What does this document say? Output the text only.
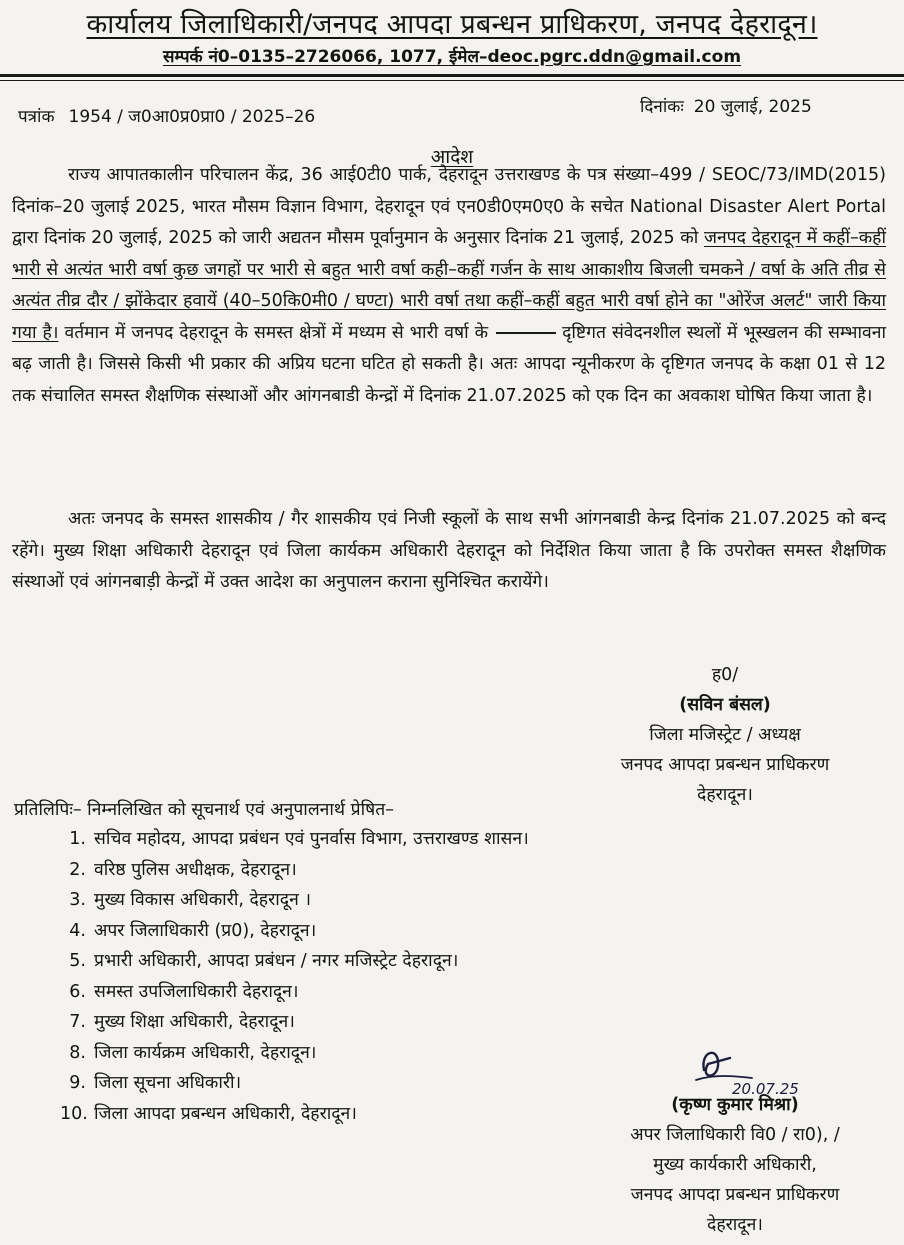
कार्यालय जिलाधिकारी/जनपद आपदा प्रबन्धन प्राधिकरण, जनपद देहरादून।
सम्पर्क नं0–0135–2726066, 1077, ईमेल–deoc.pgrc.ddn@gmail.com
पत्रांक 1954 / ज0आ0प्र0प्रा0 / 2025–26	दिनांकः 20 जुलाई, 2025
आदेश
राज्य आपातकालीन परिचालन केंद्र, 36 आई0टी0 पार्क, देहरादून उत्तराखण्ड के पत्र संख्या–499 / SEOC/73/IMD(2015) दिनांक–20 जुलाई 2025, भारत मौसम विज्ञान विभाग, देहरादून एवं एन0डी0एम0ए0 के सचेत National Disaster Alert Portal द्वारा दिनांक 20 जुलाई, 2025 को जारी अद्यतन मौसम पूर्वानुमान के अनुसार दिनांक 21 जुलाई, 2025 को जनपद देहरादून में कहीं–कहीं भारी से अत्यंत भारी वर्षा कुछ जगहों पर भारी से बहुत भारी वर्षा कही–कहीं गर्जन के साथ आकाशीय बिजली चमकने / वर्षा के अति तीव्र से अत्यंत तीव्र दौर / झोंकेदार हवायें (40–50कि0मी0 / घण्टा) भारी वर्षा तथा कहीं–कहीं बहुत भारी वर्षा होने का "ओरेंज अलर्ट" जारी किया गया है। वर्तमान में जनपद देहरादून के समस्त क्षेत्रों में मध्यम से भारी वर्षा के	दृष्टिगत संवेदनशील स्थलों में भूस्खलन की सम्भावना बढ़ जाती है। जिससे किसी भी प्रकार की अप्रिय घटना घटित हो सकती है। अतः आपदा न्यूनीकरण के दृष्टिगत जनपद के कक्षा 01 से 12 तक संचालित समस्त शैक्षणिक संस्थाओं और आंगनबाडी केन्द्रों में दिनांक 21.07.2025 को एक दिन का अवकाश घोषित किया जाता है।
अतः जनपद के समस्त शासकीय / गैर शासकीय एवं निजी स्कूलों के साथ सभी आंगनबाडी केन्द्र दिनांक 21.07.2025 को बन्द रहेंगे। मुख्य शिक्षा अधिकारी देहरादून एवं जिला कार्यकम अधिकारी देहरादून को निर्देशित किया जाता है कि उपरोक्त समस्त शैक्षणिक संस्थाओं एवं आंगनबाड़ी केन्द्रों में उक्त आदेश का अनुपालन कराना सुनिश्चित करायेंगे।
ह0/
(सविन बंसल)
जिला मजिस्ट्रेट / अध्यक्ष
जनपद आपदा प्रबन्धन प्राधिकरण
देहरादून।
प्रतिलिपिः– निम्नलिखित को सूचनार्थ एवं अनुपालनार्थ प्रेषित–
1. सचिव महोदय, आपदा प्रबंधन एवं पुनर्वास विभाग, उत्तराखण्ड शासन।
2. वरिष्ठ पुलिस अधीक्षक, देहरादून।
3. मुख्य विकास अधिकारी, देहरादून ।
4. अपर जिलाधिकारी (प्र0), देहरादून।
5. प्रभारी अधिकारी, आपदा प्रबंधन / नगर मजिस्ट्रेट देहरादून।
6. समस्त उपजिलाधिकारी देहरादून।
7. मुख्य शिक्षा अधिकारी, देहरादून।
8. जिला कार्यक्रम अधिकारी, देहरादून।
9. जिला सूचना अधिकारी।
10. जिला आपदा प्रबन्धन अधिकारी, देहरादून।
20.07.25
(कृष्ण कुमार मिश्रा)
अपर जिलाधिकारी वि0 / रा0), /
मुख्य कार्यकारी अधिकारी,
जनपद आपदा प्रबन्धन प्राधिकरण
देहरादून।
